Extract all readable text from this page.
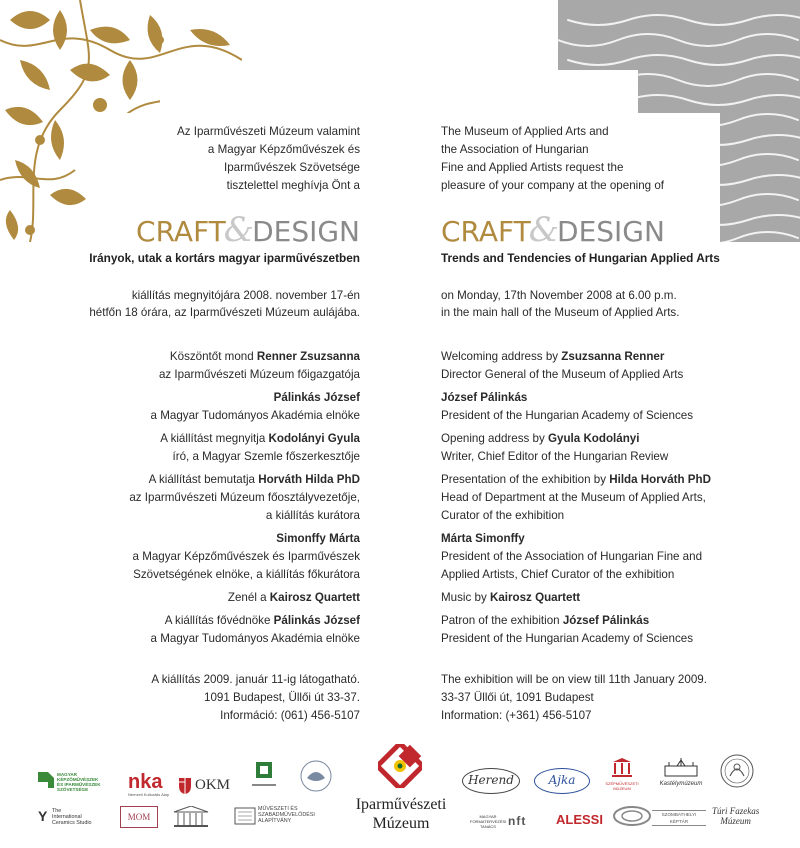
Az Iparművészeti Múzeum valamint
a Magyar Képzőművészek és
Iparművészek Szövetsége
tisztelettel meghívja Önt a
CRAFT&DESIGN
Irányok, utak a kortárs magyar iparművészetben
kiállítás megnyitójára 2008. november 17-én
hétfőn 18 órára, az Iparművészeti Múzeum aulájába.
Köszöntőt mond Renner Zsuzsanna
az Iparművészeti Múzeum főigazgatója
Pálinkás József
a Magyar Tudományos Akadémia elnöke
A kiállítást megnyitja Kodolányi Gyula
író, a Magyar Szemle főszerkesztője
A kiállítást bemutatja Horváth Hilda PhD
az Iparművészeti Múzeum főosztályvezetője,
a kiállítás kurátora
Simonffy Márta
a Magyar Képzőművészek és Iparművészek
Szövetségének elnöke, a kiállítás főkurátora
Zenél a Kairosz Quartett
A kiállítás fővédnöke Pálinkás József
a Magyar Tudományos Akadémia elnöke
A kiállítás 2009. január 11-ig látogatható.
1091 Budapest, Üllői út 33-37.
Információ: (061) 456-5107
The Museum of Applied Arts and
the Association of Hungarian
Fine and Applied Artists request the
pleasure of your company at the opening of
CRAFT&DESIGN
Trends and Tendencies of Hungarian Applied Arts
on Monday, 17th November 2008 at 6.00 p.m.
in the main hall of the Museum of Applied Arts.
Welcoming address by Zsuzsanna Renner
Director General of the Museum of Applied Arts
József Pálinkás
President of the Hungarian Academy of Sciences
Opening address by Gyula Kodolányi
Writer, Chief Editor of the Hungarian Review
Presentation of the exhibition by Hilda Horváth PhD
Head of Department at the Museum of Applied Arts,
Curator of the exhibition
Márta Simonffy
President of the Association of Hungarian Fine and
Applied Artists, Chief Curator of the exhibition
Music by Kairosz Quartett
Patron of the exhibition József Pálinkás
President of the Hungarian Academy of Sciences
The exhibition will be on view till 11th January 2009.
33-37 Üllői út, 1091 Budapest
Information: (+361) 456-5107
MAGYAR
KÉPZŐMŰVÉSZEK
ÉS IPARMŰVÉSZEK
SZÖVETSÉGE	nka
Nemzeti Kulturális Alap
OKM
Iparművészeti
Múzeum
Herend	Ajka	SZÉPMŰVÉSZETI MÚZEUM
Kastélymúzeum
Y The
International
Ceramics Studio
MOM
MŰVÉSZETI ÉS
SZABADMŰVELŐDÉSI
ALAPÍTVÁNY
MAGYAR
FORMATERVEZÉSI
TANÁCS	nft ALESSI	SZOMBATHELYI KÉPTÁR
Túri Fazekas
Múzeum
